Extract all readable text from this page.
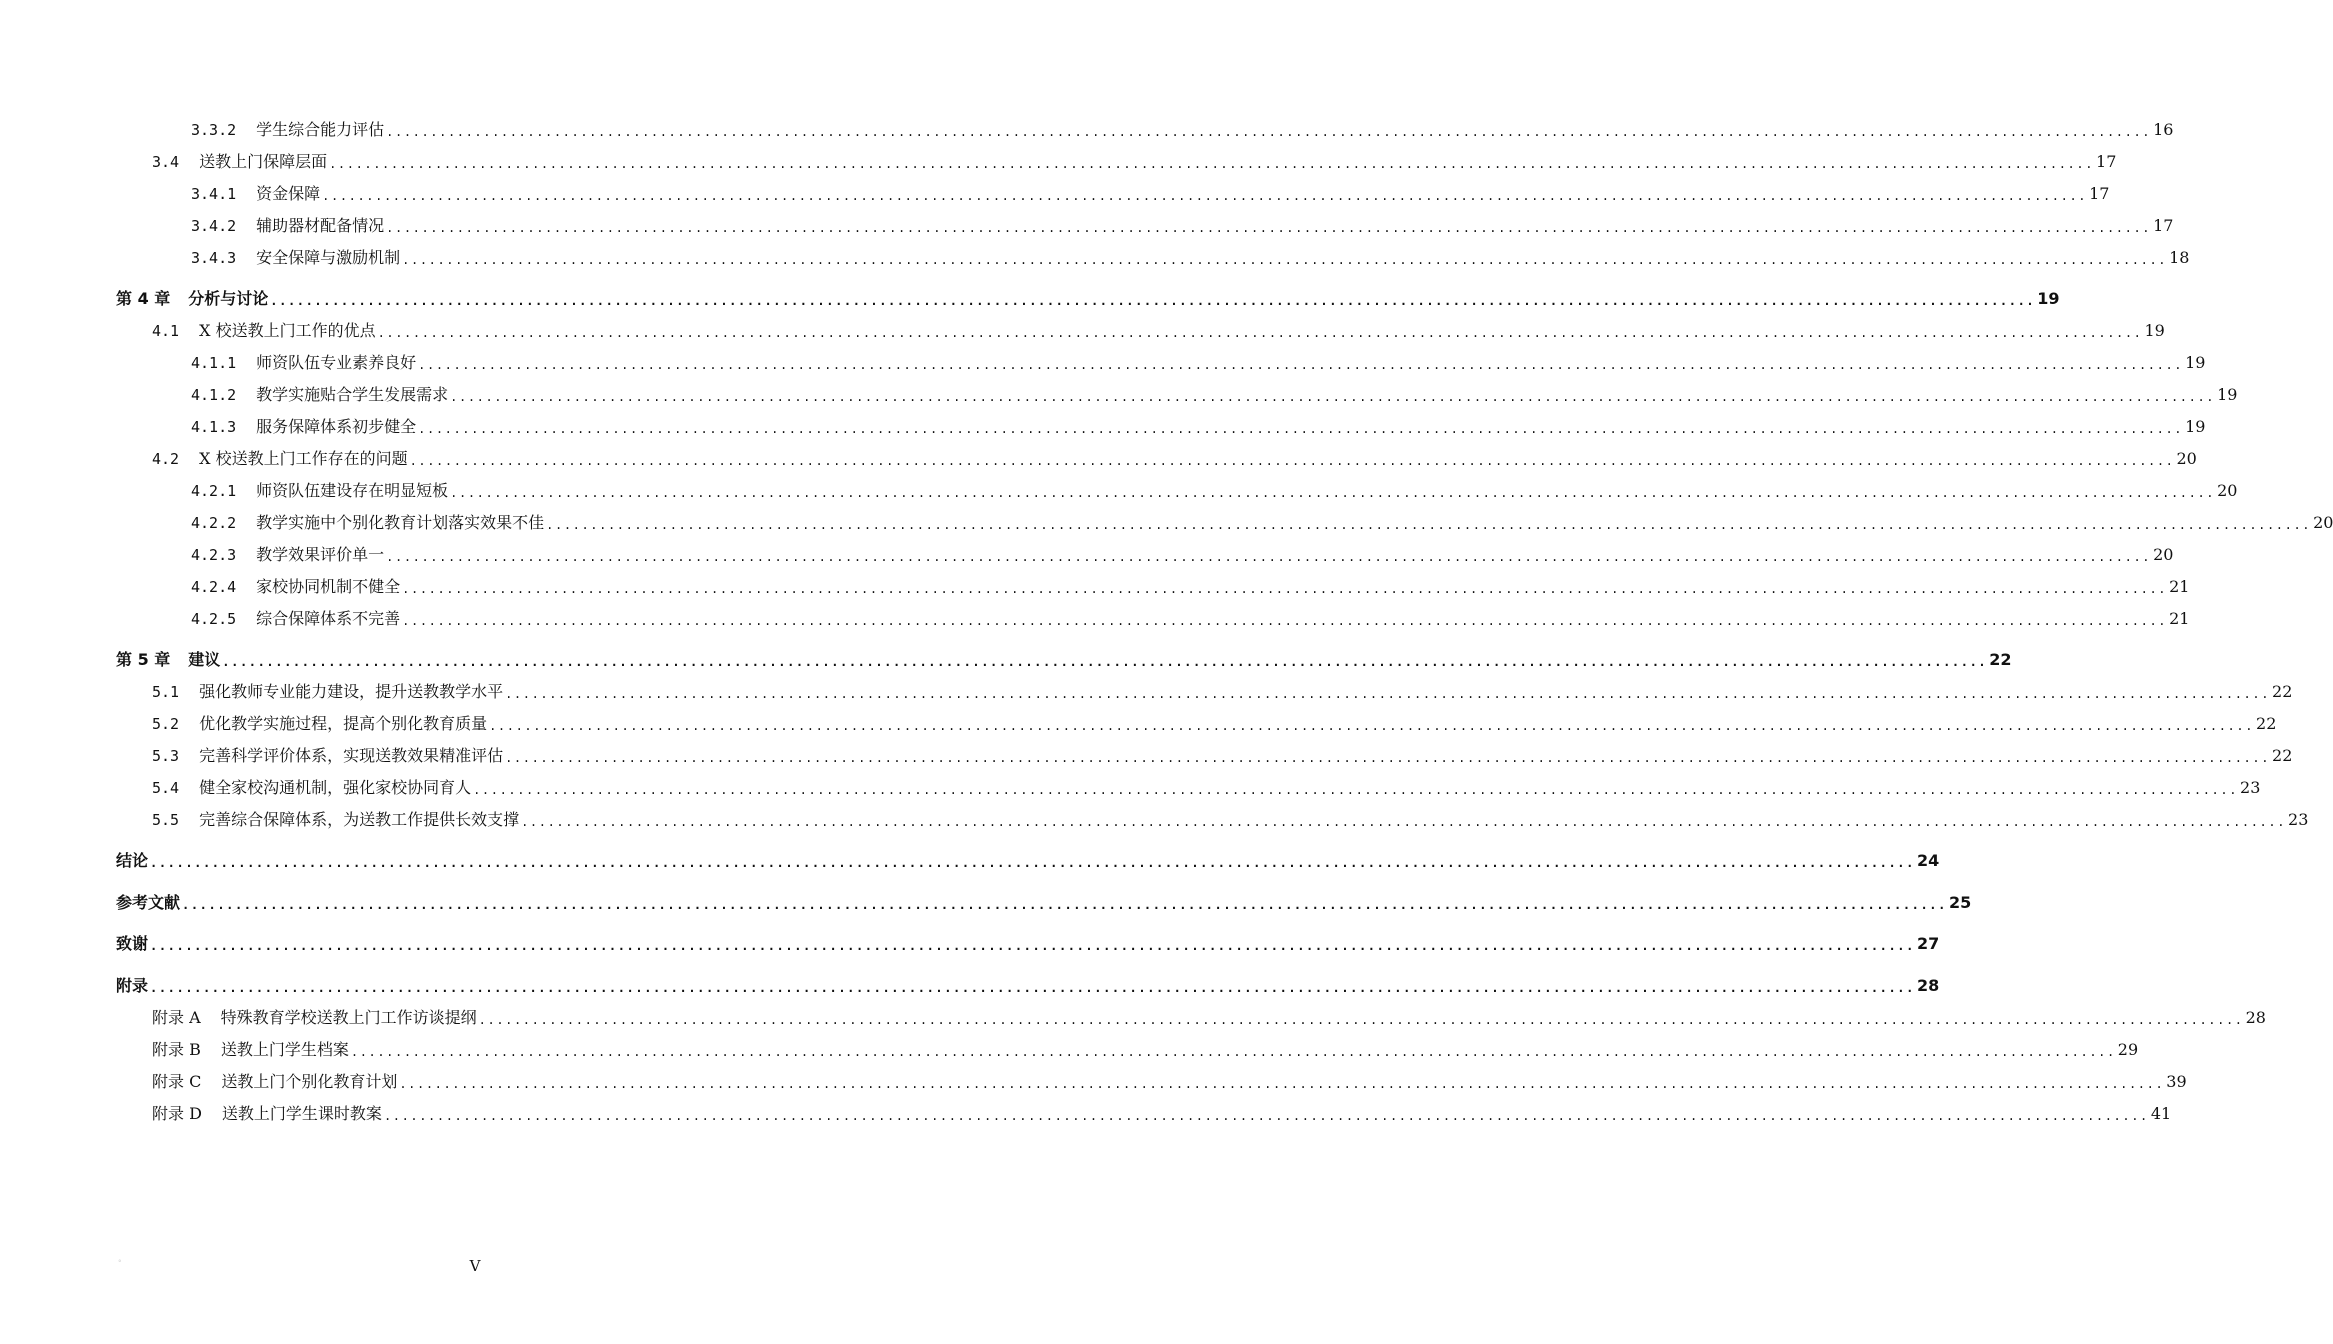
3.3.2 学生综合能力评估 ........................................................................................................................................................................................................ 16
3.4 送教上门保障层面 ........................................................................................................................................................................................................ 17
3.4.1 资金保障 ........................................................................................................................................................................................................ 17
3.4.2 辅助器材配备情况 ........................................................................................................................................................................................................ 17
3.4.3 安全保障与激励机制 ........................................................................................................................................................................................................ 18
第 4 章 分析与讨论 ........................................................................................................................................................................................................ 19
4.1 X 校送教上门工作的优点 ........................................................................................................................................................................................................ 19
4.1.1 师资队伍专业素养良好 ........................................................................................................................................................................................................ 19
4.1.2 教学实施贴合学生发展需求 ........................................................................................................................................................................................................ 19
4.1.3 服务保障体系初步健全 ........................................................................................................................................................................................................ 19
4.2 X 校送教上门工作存在的问题 ........................................................................................................................................................................................................ 20
4.2.1 师资队伍建设存在明显短板 ........................................................................................................................................................................................................ 20
4.2.2 教学实施中个别化教育计划落实效果不佳 ........................................................................................................................................................................................................ 20
4.2.3 教学效果评价单一 ........................................................................................................................................................................................................ 20
4.2.4 家校协同机制不健全 ........................................................................................................................................................................................................ 21
4.2.5 综合保障体系不完善 ........................................................................................................................................................................................................ 21
第 5 章 建议 ........................................................................................................................................................................................................ 22
5.1 强化教师专业能力建设，提升送教教学水平 ........................................................................................................................................................................................................ 22
5.2 优化教学实施过程，提高个别化教育质量 ........................................................................................................................................................................................................ 22
5.3 完善科学评价体系，实现送教效果精准评估 ........................................................................................................................................................................................................ 22
5.4 健全家校沟通机制，强化家校协同育人 ........................................................................................................................................................................................................ 23
5.5 完善综合保障体系，为送教工作提供长效支撑 ........................................................................................................................................................................................................ 23
结论 ........................................................................................................................................................................................................ 24
参考文献 ........................................................................................................................................................................................................ 25
致谢 ........................................................................................................................................................................................................ 27
附录 ........................................................................................................................................................................................................ 28
附录 A 特殊教育学校送教上门工作访谈提纲 ........................................................................................................................................................................................................ 28
附录 B 送教上门学生档案 ........................................................................................................................................................................................................ 29
附录 C 送教上门个别化教育计划 ........................................................................................................................................................................................................ 39
附录 D 送教上门学生课时教案 ........................................................................................................................................................................................................ 41
°	V
